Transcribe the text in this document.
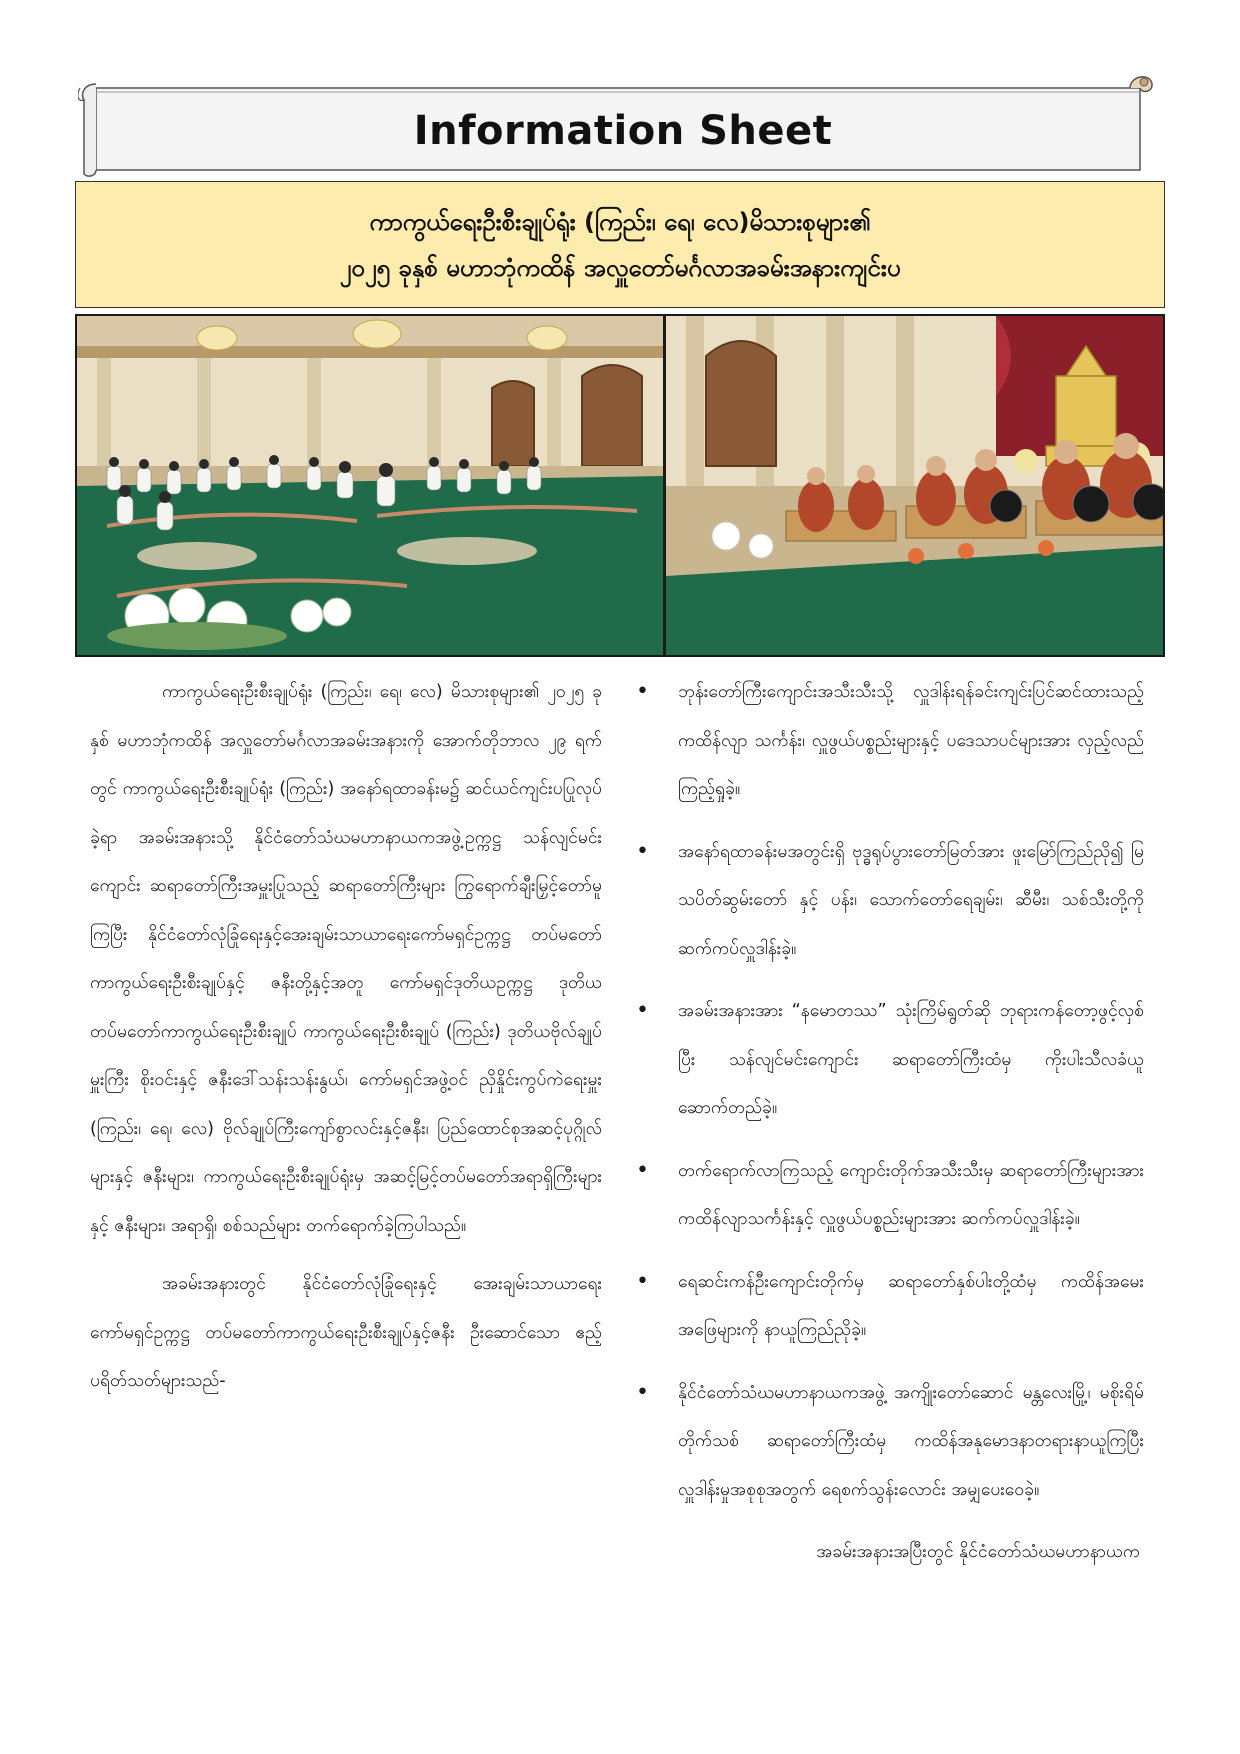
Information Sheet
ကာကွယ်ရေးဦးစီးချုပ်ရုံး (ကြည်း၊ ရေ၊ လေ)မိသားစုများ၏
၂၀၂၅ ခုနှစ် မဟာဘုံကထိန် အလှူတော်မင်္ဂလာအခမ်းအနားကျင်းပ

ကာကွယ်ရေးဦးစီးချုပ်ရုံး (ကြည်း၊ ရေ၊ လေ) မိသားစုများ၏ ၂၀၂၅ ခုနှစ် မဟာဘုံကထိန် အလှူတော်မင်္ဂလာအခမ်းအနားကို အောက်တိုဘာလ ၂၉ ရက်တွင် ကာကွယ်ရေးဦးစီးချုပ်ရုံး (ကြည်း) အနော်ရထာခန်းမ၌ ဆင်ယင်ကျင်းပပြုလုပ်ခဲ့ရာ အခမ်းအနားသို့ နိုင်ငံတော်သံဃမဟာနာယကအဖွဲ့ဥက္ကဋ္ဌ သန်လျင်မင်းကျောင်း ဆရာတော်ကြီးအမှူးပြုသည့် ဆရာတော်ကြီးများ ကြွရောက်ချီးမြှင့်တော်မူကြပြီး နိုင်ငံတော်လုံခြုံရေးနှင့်အေးချမ်းသာယာရေးကော်မရှင်ဥက္ကဋ္ဌ တပ်မတော်ကာကွယ်ရေးဦးစီးချုပ်နှင့် ဇနီးတို့နှင့်အတူ ကော်မရှင်ဒုတိယဥက္ကဋ္ဌ ဒုတိယတပ်မတော်ကာကွယ်ရေးဦးစီးချုပ် ကာကွယ်ရေးဦးစီးချုပ် (ကြည်း) ဒုတိယဗိုလ်ချုပ်မှူးကြီး စိုးဝင်းနှင့် ဇနီးဒေါ်သန်းသန်းနွယ်၊ ကော်မရှင်အဖွဲ့ဝင် ညှိနှိုင်းကွပ်ကဲရေးမှူး (ကြည်း၊ ရေ၊ လေ) ဗိုလ်ချုပ်ကြီးကျော်စွာလင်းနှင့်ဇနီး၊ ပြည်ထောင်စုအဆင့်ပုဂ္ဂိုလ်များနှင့် ဇနီးများ၊ ကာကွယ်ရေးဦးစီးချုပ်ရုံးမှ အဆင့်မြင့်တပ်မတော်အရာရှိကြီးများနှင့် ဇနီးများ၊ အရာရှိ၊ စစ်သည်များ တက်ရောက်ခဲ့ကြပါသည်။

အခမ်းအနားတွင် နိုင်ငံတော်လုံခြုံရေးနှင့် အေးချမ်းသာယာရေးကော်မရှင်ဥက္ကဋ္ဌ တပ်မတော်ကာကွယ်ရေးဦးစီးချုပ်နှင့်ဇနီး ဦးဆောင်သော ဧည့်ပရိတ်သတ်များသည်-

• ဘုန်းတော်ကြီးကျောင်းအသီးသီးသို့ လှူဒါန်းရန်ခင်းကျင်းပြင်ဆင်ထားသည့် ကထိန်လျာ သင်္ကန်း၊ လှူဖွယ်ပစ္စည်းများနှင့် ပဒေသာပင်များအား လှည့်လည်ကြည့်ရှုခဲ့။
• အနော်ရထာခန်းမအတွင်းရှိ ဗုဒ္ဓရုပ်ပွားတော်မြတ်အား ဖူးမြော်ကြည်ညို၍ မြသပိတ်ဆွမ်းတော် နှင့် ပန်း၊ သောက်တော်ရေချမ်း၊ ဆီမီး၊ သစ်သီးတို့ကို ဆက်ကပ်လှူဒါန်းခဲ့။
• အခမ်းအနားအား “နမောတဿ” သုံးကြိမ်ရွတ်ဆို ဘုရားကန်တော့ဖွင့်လှစ်ပြီး သန်လျင်မင်းကျောင်း ဆရာတော်ကြီးထံမှ ကိုးပါးသီလခံယူဆောက်တည်ခဲ့။
• တက်ရောက်လာကြသည့် ကျောင်းတိုက်အသီးသီးမှ ဆရာတော်ကြီးများအား ကထိန်လျာသင်္ကန်းနှင့် လှူဖွယ်ပစ္စည်းများအား ဆက်ကပ်လှူဒါန်းခဲ့။
• ရေဆင်းကန်ဦးကျောင်းတိုက်မှ ဆရာတော်နှစ်ပါးတို့ထံမှ ကထိန်အမေးအဖြေများကို နာယူကြည်ညိုခဲ့။
• နိုင်ငံတော်သံဃမဟာနာယကအဖွဲ့ အကျိုးတော်ဆောင် မန္တလေးမြို့၊ မစိုးရိမ်တိုက်သစ် ဆရာတော်ကြီးထံမှ ကထိန်အနုမောဒနာတရားနာယူကြပြီး လှူဒါန်းမှုအစုစုအတွက် ရေစက်သွန်းလောင်း အမျှပေးဝေခဲ့။

အခမ်းအနားအပြီးတွင် နိုင်ငံတော်သံဃမဟာနာယက
